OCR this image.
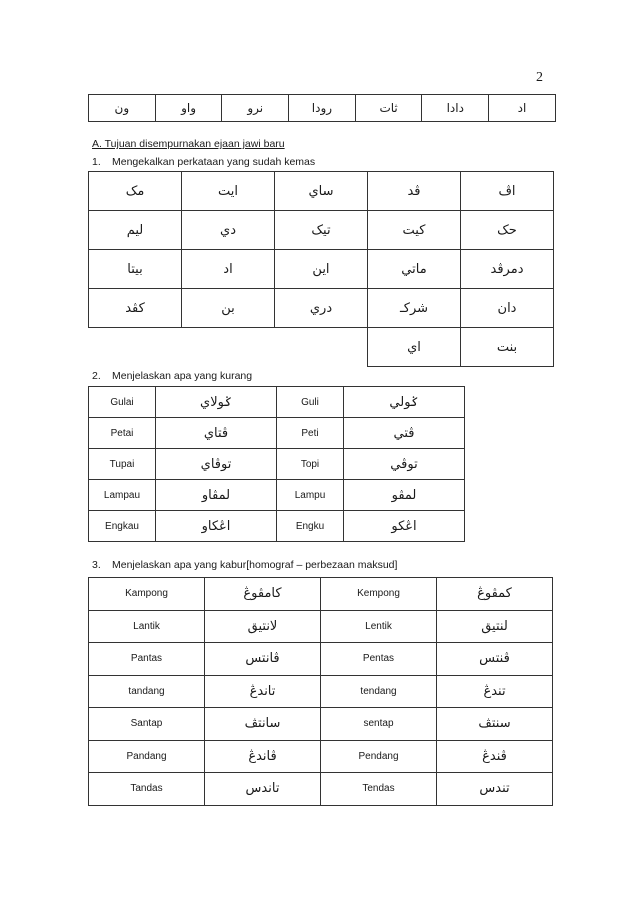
2
ون	واو	نرو	رودا	ثات	دادا	اد
A. Tujuan disempurnakan ejaan jawi baru
1. Mengekalkan perkataan yang sudah kemas
مک	ايت	ساي	ڤد	اڤ
ليم	دي	تيک	کيت	حک
بيتا	اد	اين	ماتي	دمرڤد
كڤد	بن	دري	شرکـ	دان
			اي	بنت
2. Menjelaskan apa yang kurang
Gulai	ݢولاي	Guli	ݢولي
Petai	ڤتاي	Peti	ڤتي
Tupai	توڤاي	Topi	توڤي
Lampau	لمڤاو	Lampu	لمڤو
Engkau	اڠکاو	Engku	اڠکو
3. Menjelaskan apa yang kabur[homograf – perbezaan maksud]
Kampong	كامڤوڠ	Kempong	كمڤوڠ
Lantik	لانتيق	Lentik	لنتيق
Pantas	ڤانتس	Pentas	ڤنتس
tandang	تاندڠ	tendang	تندڠ
Santap	سانتڤ	sentap	سنتڤ
Pandang	ڤاندڠ	Pendang	ڤندڠ
Tandas	تاندس	Tendas	تندس
